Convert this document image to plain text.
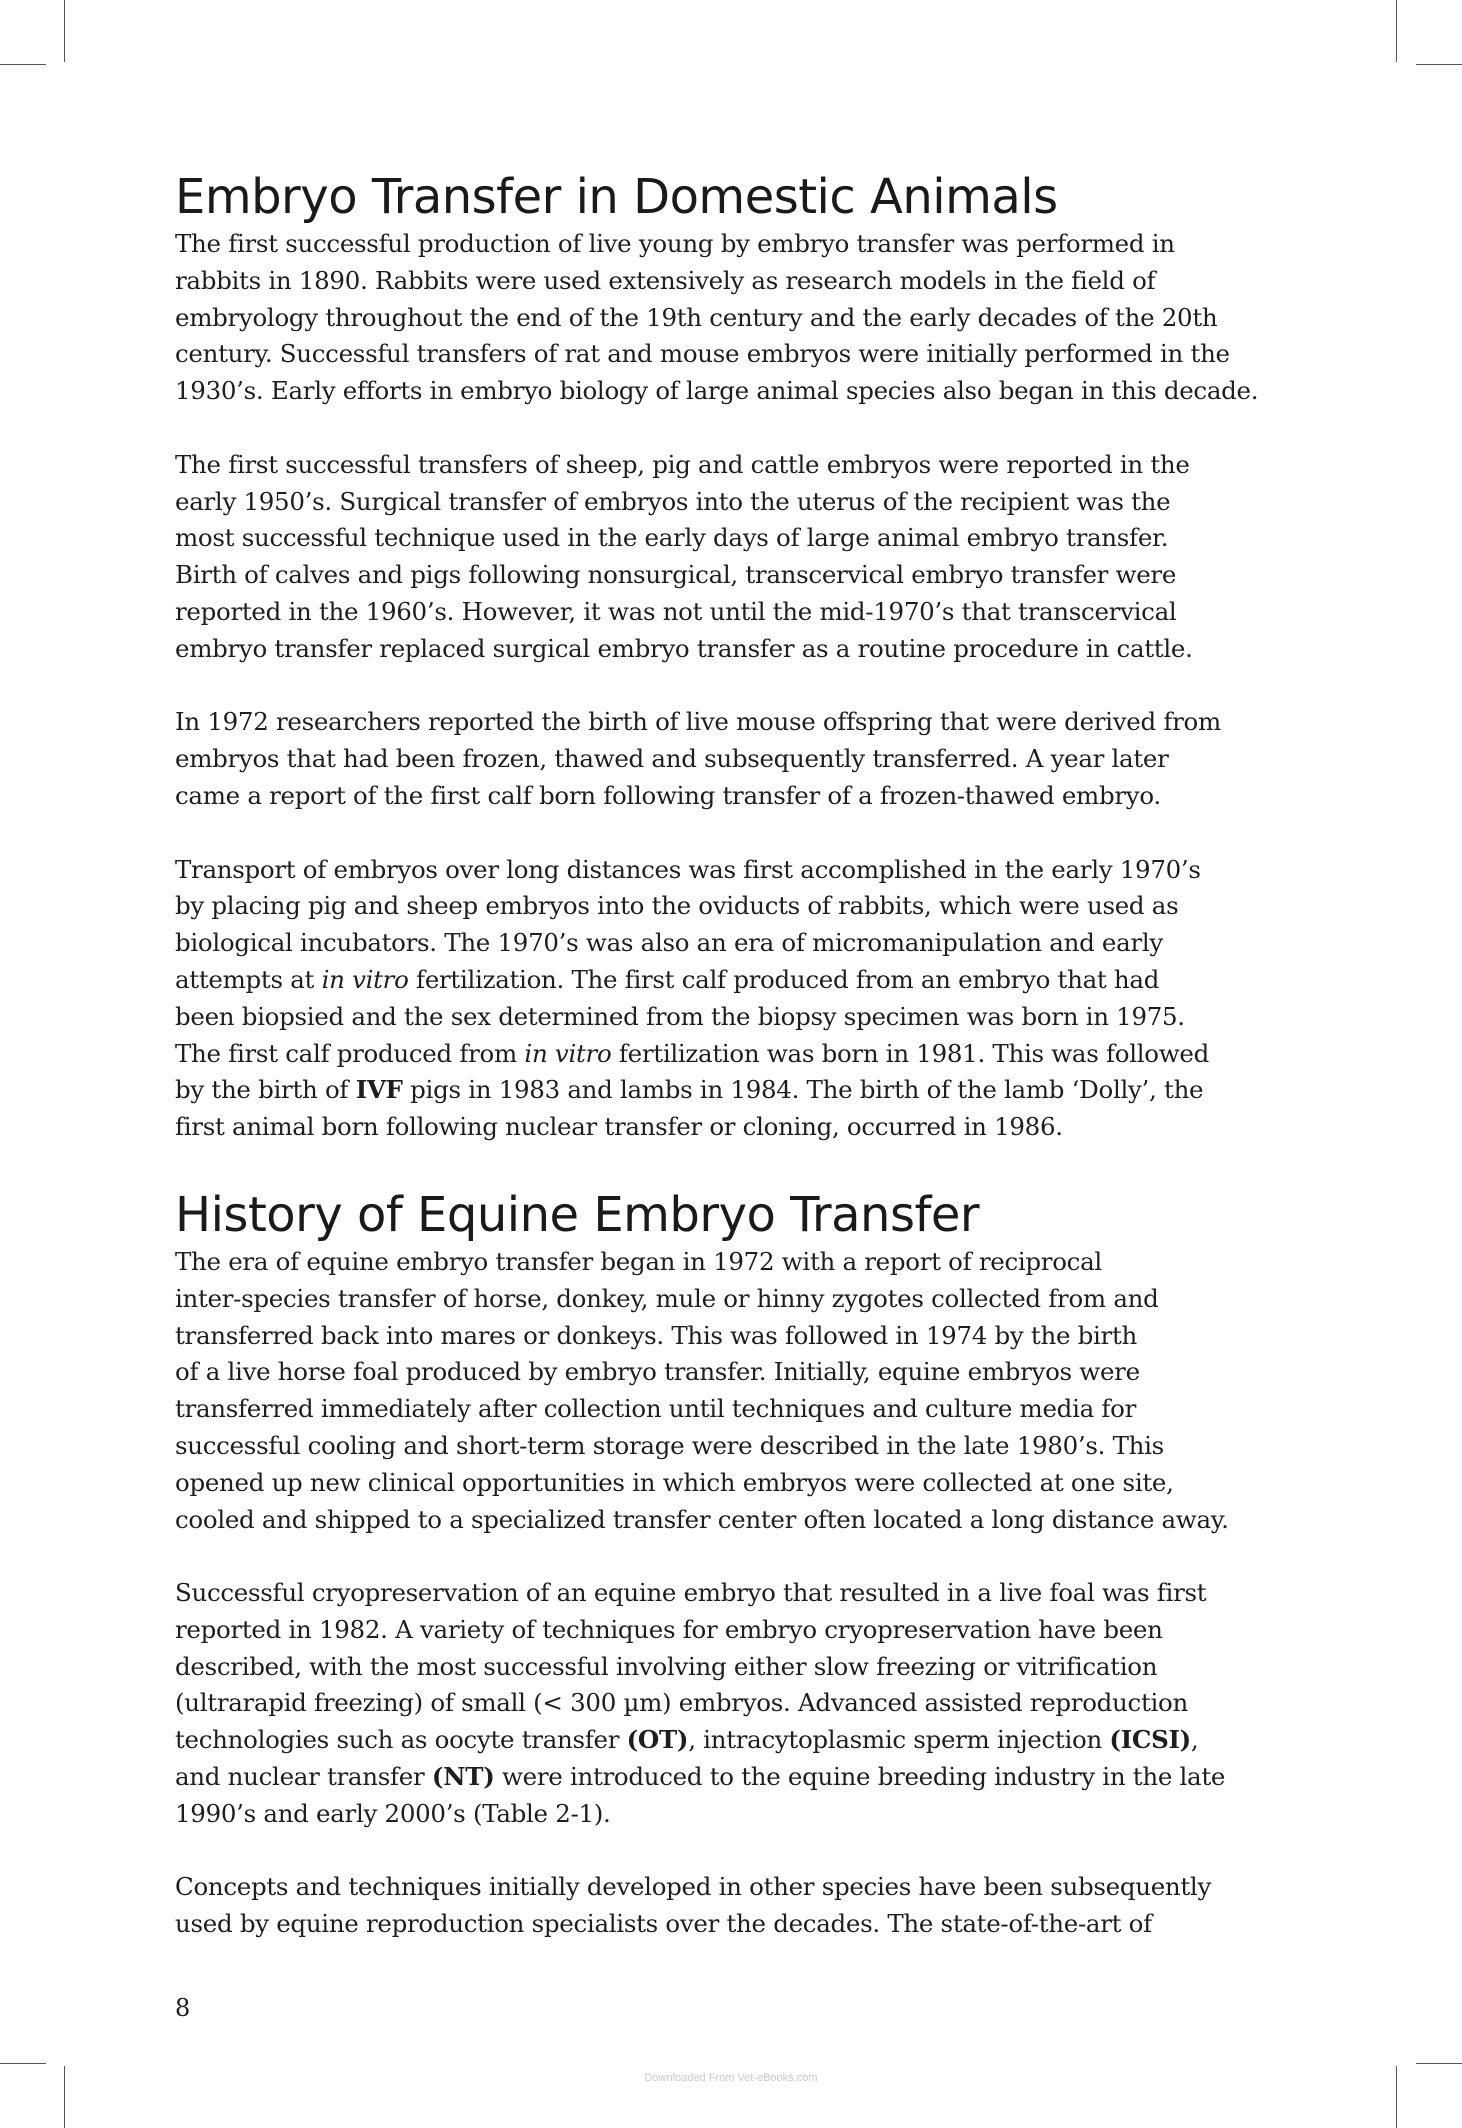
Embryo Transfer in Domestic Animals
The first successful production of live young by embryo transfer was performed in
rabbits in 1890. Rabbits were used extensively as research models in the field of
embryology throughout the end of the 19th century and the early decades of the 20th
century. Successful transfers of rat and mouse embryos were initially performed in the
1930’s. Early efforts in embryo biology of large animal species also began in this decade.
The first successful transfers of sheep, pig and cattle embryos were reported in the
early 1950’s. Surgical transfer of embryos into the uterus of the recipient was the
most successful technique used in the early days of large animal embryo transfer.
Birth of calves and pigs following nonsurgical, transcervical embryo transfer were
reported in the 1960’s. However, it was not until the mid-1970’s that transcervical
embryo transfer replaced surgical embryo transfer as a routine procedure in cattle.
In 1972 researchers reported the birth of live mouse offspring that were derived from
embryos that had been frozen, thawed and subsequently transferred. A year later
came a report of the first calf born following transfer of a frozen-thawed embryo.
Transport of embryos over long distances was first accomplished in the early 1970’s
by placing pig and sheep embryos into the oviducts of rabbits, which were used as
biological incubators. The 1970’s was also an era of micromanipulation and early
attempts at in vitro fertilization. The first calf produced from an embryo that had
been biopsied and the sex determined from the biopsy specimen was born in 1975.
The first calf produced from in vitro fertilization was born in 1981. This was followed
by the birth of IVF pigs in 1983 and lambs in 1984. The birth of the lamb ‘Dolly’, the
first animal born following nuclear transfer or cloning, occurred in 1986.
History of Equine Embryo Transfer
The era of equine embryo transfer began in 1972 with a report of reciprocal
inter-species transfer of horse, donkey, mule or hinny zygotes collected from and
transferred back into mares or donkeys. This was followed in 1974 by the birth
of a live horse foal produced by embryo transfer. Initially, equine embryos were
transferred immediately after collection until techniques and culture media for
successful cooling and short-term storage were described in the late 1980’s. This
opened up new clinical opportunities in which embryos were collected at one site,
cooled and shipped to a specialized transfer center often located a long distance away.
Successful cryopreservation of an equine embryo that resulted in a live foal was first
reported in 1982. A variety of techniques for embryo cryopreservation have been
described, with the most successful involving either slow freezing or vitrification
(ultrarapid freezing) of small (< 300 µm) embryos. Advanced assisted reproduction
technologies such as oocyte transfer (OT), intracytoplasmic sperm injection (ICSI),
and nuclear transfer (NT) were introduced to the equine breeding industry in the late
1990’s and early 2000’s (Table 2-1).
Concepts and techniques initially developed in other species have been subsequently
used by equine reproduction specialists over the decades. The state-of-the-art of
8
Downloaded From Vet-eBooks.com
